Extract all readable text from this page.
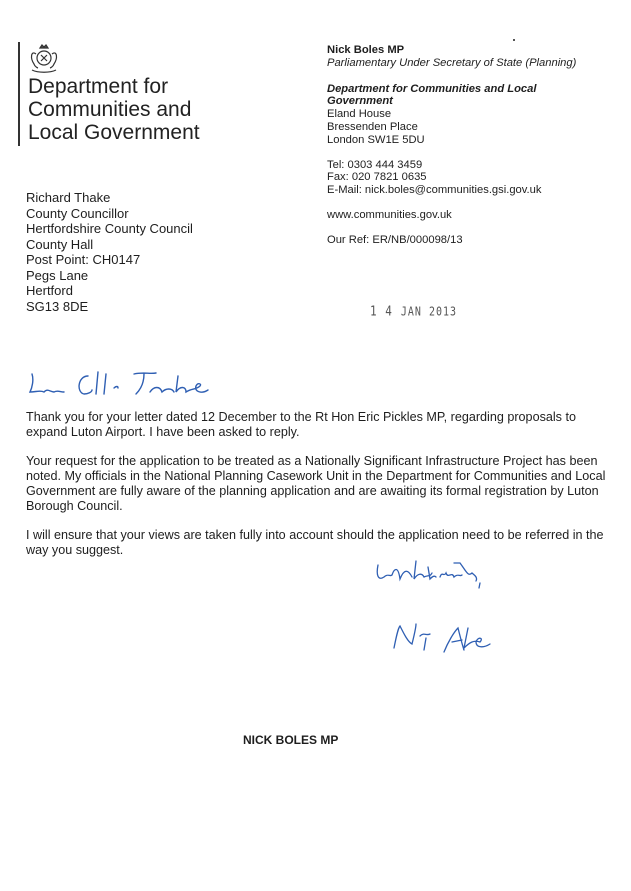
Department for
Communities and
Local Government
Nick Boles MP
Parliamentary Under Secretary of State (Planning)
Department for Communities and Local
Government
Eland House
Bressenden Place
London SW1E 5DU
Tel: 0303 444 3459
Fax: 020 7821 0635
E-Mail: nick.boles@communities.gsi.gov.uk
www.communities.gov.uk
Our Ref: ER/NB/000098/13
Richard Thake
County Councillor
Hertfordshire County Council
County Hall
Post Point: CH0147
Pegs Lane
Hertford
SG13 8DE	1 4 JAN 2013

Thank you for your letter dated 12 December to the Rt Hon Eric Pickles MP, regarding proposals to expand Luton Airport. I have been asked to reply.

Your request for the application to be treated as a Nationally Significant Infrastructure Project has been noted. My officials in the National Planning Casework Unit in the Department for Communities and Local Government are fully aware of the planning application and are awaiting its formal registration by Luton Borough Council.

I will ensure that your views are taken fully into account should the application need to be referred in the way you suggest.

NICK BOLES MP
